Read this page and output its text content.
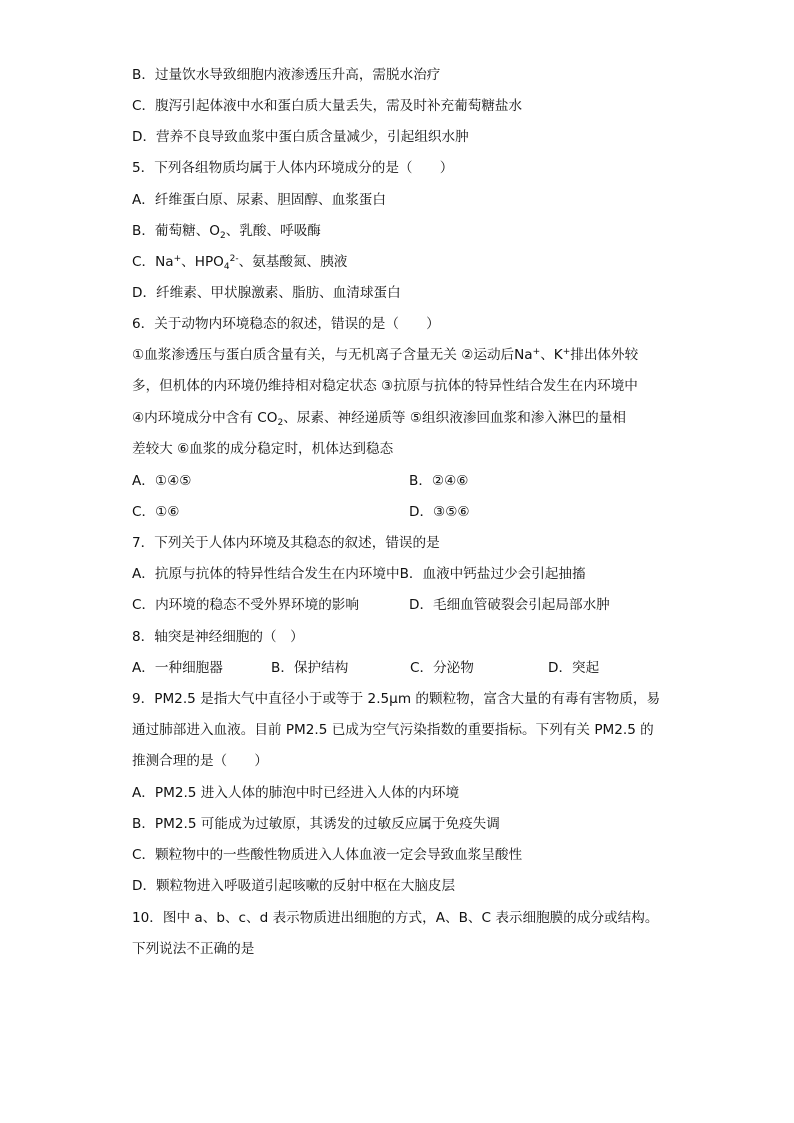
B．过量饮水导致细胞内液渗透压升高，需脱水治疗
C．腹泻引起体液中水和蛋白质大量丢失，需及时补充葡萄糖盐水
D．营养不良导致血浆中蛋白质含量减少，引起组织水肿
5．下列各组物质均属于人体内环境成分的是（　　）
A．纤维蛋白原、尿素、胆固醇、血浆蛋白
B．葡萄糖、$O_2$、乳酸、呼吸酶
C．Na+、$HPO_4^{2-}$、氨基酸氮、胰液
D．纤维素、甲状腺激素、脂肪、血清球蛋白
6．关于动物内环境稳态的叙述，错误的是（　　）
①血浆渗透压与蛋白质含量有关，与无机离子含量无关 ②运动后Na+、K+排出体外较
多，但机体的内环境仍维持相对稳定状态 ③抗原与抗体的特异性结合发生在内环境中
④内环境成分中含有 $CO_2$、尿素、神经递质等 ⑤组织液渗回血浆和渗入淋巴的量相
差较大 ⑥血浆的成分稳定时，机体达到稳态
A．①④⑤	B．②④⑥
C．①⑥	D．③⑤⑥
7．下列关于人体内环境及其稳态的叙述，错误的是
A．抗原与抗体的特异性结合发生在内环境中B．血液中钙盐过少会引起抽搐
C．内环境的稳态不受外界环境的影响	D．毛细血管破裂会引起局部水肿
8．轴突是神经细胞的（　）
A．一种细胞器	B．保护结构	C．分泌物	D．突起
9．PM2.5 是指大气中直径小于或等于 2.5μm 的颗粒物，富含大量的有毒有害物质，易
通过肺部进入血液。目前 PM2.5 已成为空气污染指数的重要指标。下列有关 PM2.5 的
推测合理的是（　　）
A．PM2.5 进入人体的肺泡中时已经进入人体的内环境
B．PM2.5 可能成为过敏原，其诱发的过敏反应属于免疫失调
C．颗粒物中的一些酸性物质进入人体血液一定会导致血浆呈酸性
D．颗粒物进入呼吸道引起咳嗽的反射中枢在大脑皮层
10．图中 a、b、c、d 表示物质进出细胞的方式，A、B、C 表示细胞膜的成分或结构。
下列说法不正确的是
